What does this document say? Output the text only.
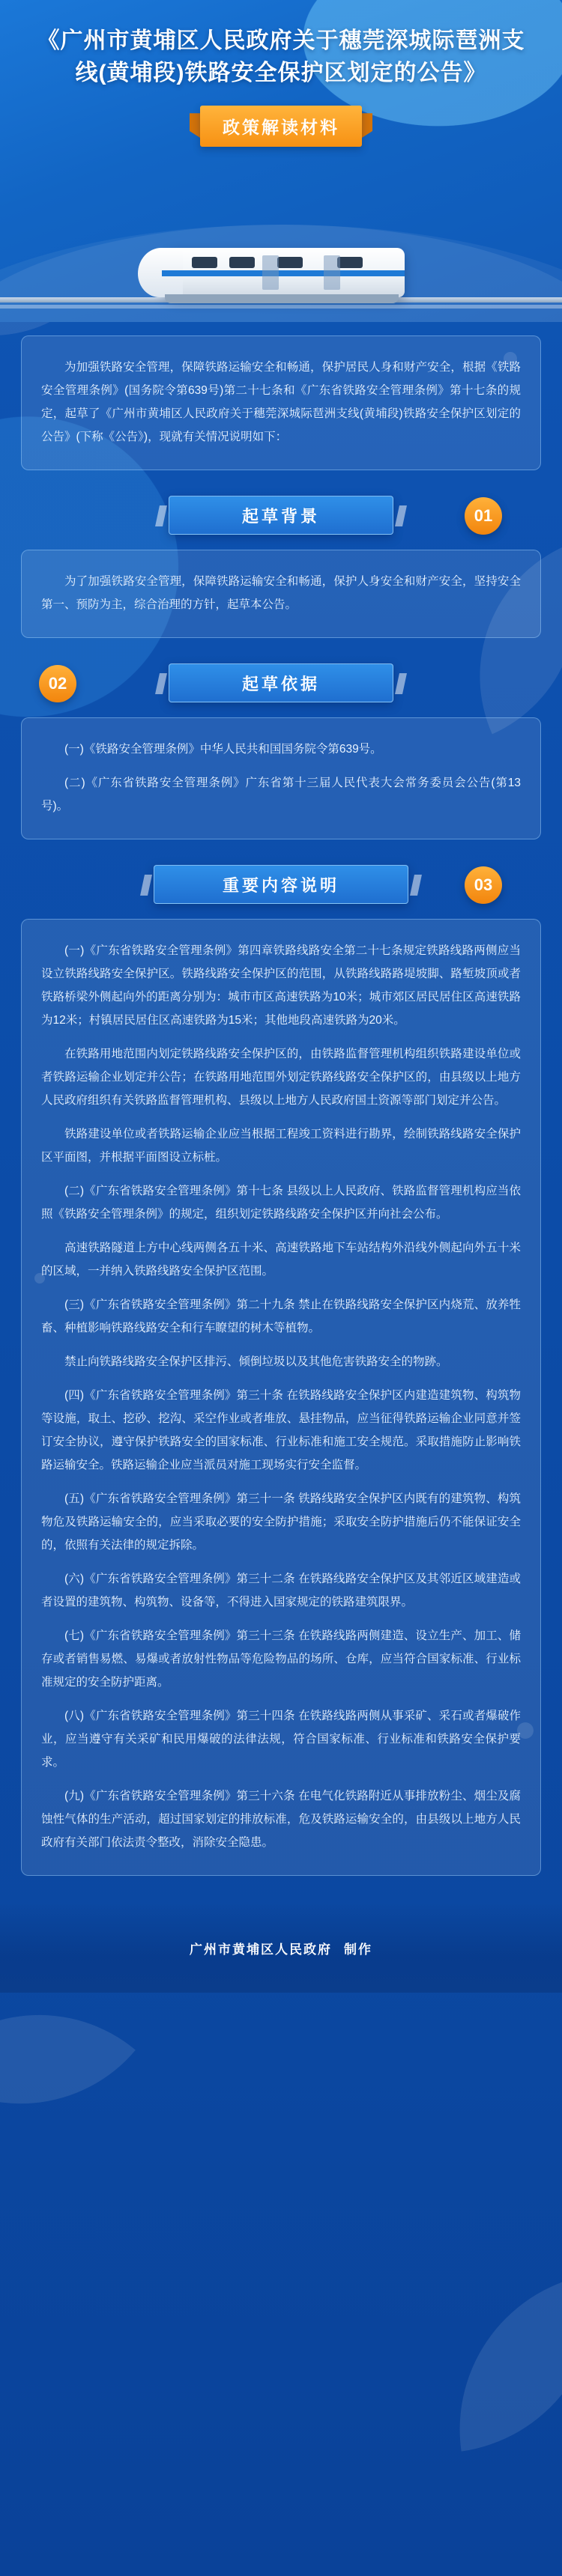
《广州市黄埔区人民政府关于穗莞深城际琶洲支线(黄埔段)铁路安全保护区划定的公告》
政策解读材料

为加强铁路安全管理，保障铁路运输安全和畅通，保护居民人身和财产安全，根据《铁路安全管理条例》(国务院令第639号)第二十七条和《广东省铁路安全管理条例》第十七条的规定，起草了《广州市黄埔区人民政府关于穗莞深城际琶洲支线(黄埔段)铁路安全保护区划定的公告》(下称《公告》)，现就有关情况说明如下：

起草背景	01

为了加强铁路安全管理，保障铁路运输安全和畅通，保护人身安全和财产安全，坚持安全第一、预防为主，综合治理的方针，起草本公告。

起草依据
02

(一)《铁路安全管理条例》中华人民共和国国务院令第639号。

(二)《广东省铁路安全管理条例》广东省第十三届人民代表大会常务委员会公告(第13号)。

重要内容说明	03

(一)《广东省铁路安全管理条例》第四章铁路线路安全第二十七条规定铁路线路两侧应当设立铁路线路安全保护区。铁路线路安全保护区的范围，从铁路线路路堤坡脚、路堑坡顶或者铁路桥梁外侧起向外的距离分别为：城市市区高速铁路为10米；城市郊区居民居住区高速铁路为12米；村镇居民居住区高速铁路为15米；其他地段高速铁路为20米。

在铁路用地范围内划定铁路线路安全保护区的，由铁路监督管理机构组织铁路建设单位或者铁路运输企业划定并公告；在铁路用地范围外划定铁路线路安全保护区的，由县级以上地方人民政府组织有关铁路监督管理机构、县级以上地方人民政府国土资源等部门划定并公告。

铁路建设单位或者铁路运输企业应当根据工程竣工资料进行勘界，绘制铁路线路安全保护区平面图，并根据平面图设立标桩。

(二)《广东省铁路安全管理条例》第十七条 县级以上人民政府、铁路监督管理机构应当依照《铁路安全管理条例》的规定，组织划定铁路线路安全保护区并向社会公布。

高速铁路隧道上方中心线两侧各五十米、高速铁路地下车站结构外沿线外侧起向外五十米的区域，一并纳入铁路线路安全保护区范围。

(三)《广东省铁路安全管理条例》第二十九条 禁止在铁路线路安全保护区内烧荒、放养牲畜、种植影响铁路线路安全和行车瞭望的树木等植物。

禁止向铁路线路安全保护区排污、倾倒垃圾以及其他危害铁路安全的物跡。

(四)《广东省铁路安全管理条例》第三十条 在铁路线路安全保护区内建造建筑物、构筑物等设施，取土、挖砂、挖沟、采空作业或者堆放、悬挂物品，应当征得铁路运输企业同意并签订安全协议，遵守保护铁路安全的国家标准、行业标准和施工安全规范。采取措施防止影响铁路运输安全。铁路运输企业应当派员对施工现场实行安全监督。

(五)《广东省铁路安全管理条例》第三十一条 铁路线路安全保护区内既有的建筑物、构筑物危及铁路运输安全的，应当采取必要的安全防护措施；采取安全防护措施后仍不能保证安全的，依照有关法律的规定拆除。

(六)《广东省铁路安全管理条例》第三十二条 在铁路线路安全保护区及其邻近区域建造或者设置的建筑物、构筑物、设备等，不得进入国家规定的铁路建筑限界。

(七)《广东省铁路安全管理条例》第三十三条 在铁路线路两侧建造、设立生产、加工、储存或者销售易燃、易爆或者放射性物品等危险物品的场所、仓库，应当符合国家标准、行业标准规定的安全防护距离。

(八)《广东省铁路安全管理条例》第三十四条 在铁路线路两侧从事采矿、采石或者爆破作业，应当遵守有关采矿和民用爆破的法律法规，符合国家标准、行业标准和铁路安全保护要求。

(九)《广东省铁路安全管理条例》第三十六条 在电气化铁路附近从事排放粉尘、烟尘及腐蚀性气体的生产活动，超过国家划定的排放标准，危及铁路运输安全的，由县级以上地方人民政府有关部门依法责令整改，消除安全隐患。

广州市黄埔区人民政府 制作
